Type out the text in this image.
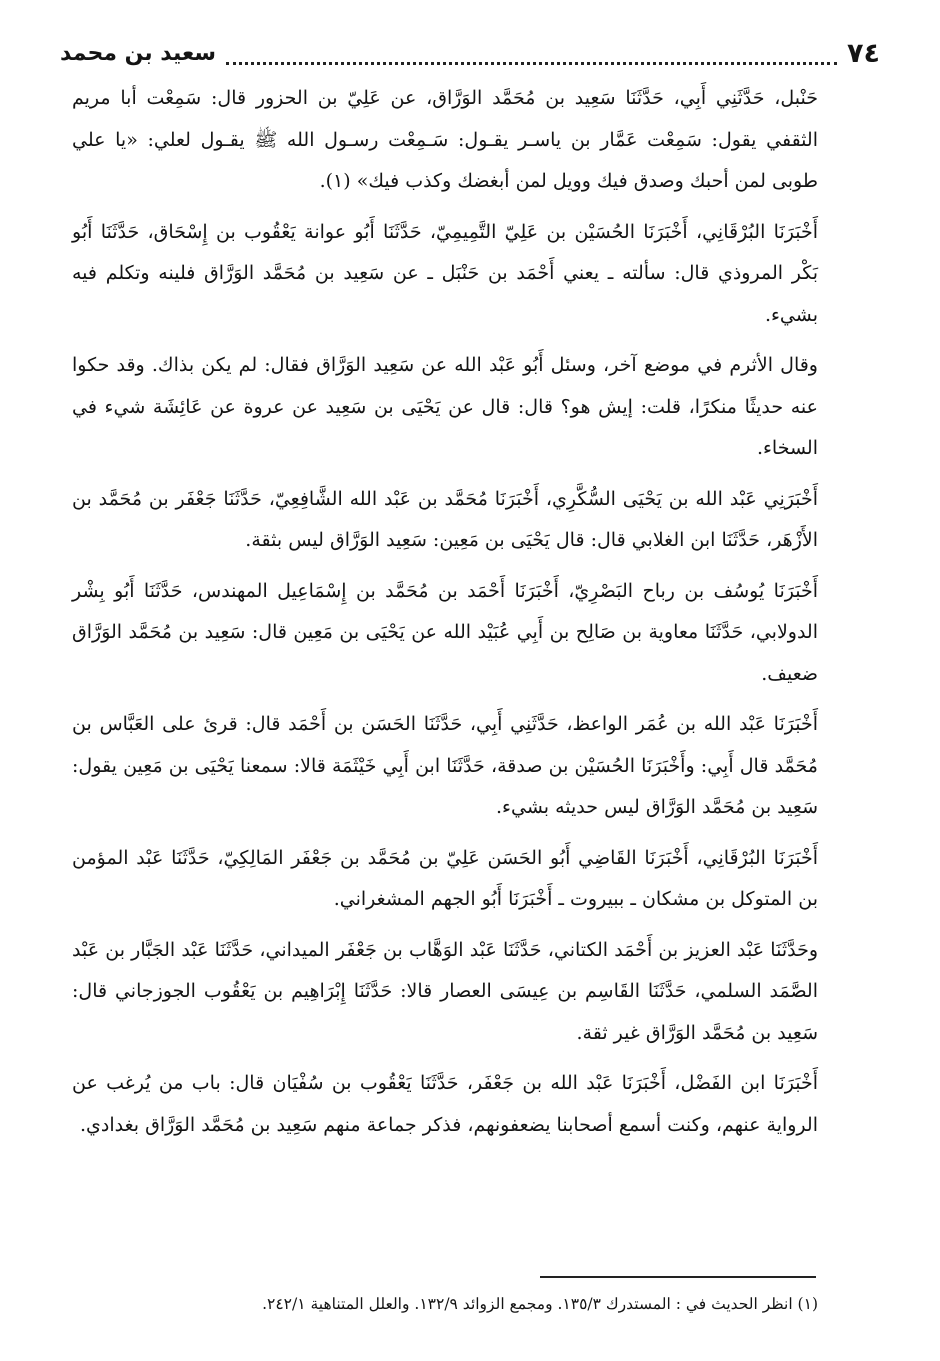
٧٤
سعيد بن محمد

حَنْبل، حَدَّثَنِي أَبِي، حَدَّثَنَا سَعِيد بن مُحَمَّد الوَرَّاق، عن عَلِيّ بن الحزور قال: سَمِعْت أبا مريم الثقفي يقول: سَمِعْت عَمَّار بن ياسـر يقـول: سَـمِعْت رسـول الله ﷺ يقـول لعلي: «يا علي طوبى لمن أحبك وصدق فيك وويل لمن أبغضك وكذب فيك» (١).

أَخْبَرَنَا البُرْقَانِي، أَخْبَرَنَا الحُسَيْن بن عَلِيّ التَّمِيمِيّ، حَدَّثَنَا أَبُو عوانة يَعْقُوب بن إِسْحَاق، حَدَّثَنَا أَبُو بَكْر المروذي قال: سألته ـ يعني أَحْمَد بن حَنْبَل ـ عن سَعِيد بن مُحَمَّد الوَرَّاق فلينه وتكلم فيه بشيء.

وقال الأثرم في موضع آخر، وسئل أَبُو عَبْد الله عن سَعِيد الوَرَّاق فقال: لم يكن بذاك. وقد حكوا عنه حديثًا منكرًا، قلت: إيش هو؟ قال: قال عن يَحْيَى بن سَعِيد عن عروة عن عَائِشَة شيء في السخاء.

أَخْبَرَنِي عَبْد الله بن يَحْيَى السُّكَّرِي، أَخْبَرَنَا مُحَمَّد بن عَبْد الله الشَّافِعِيّ، حَدَّثَنَا جَعْفَر بن مُحَمَّد بن الأَزْهَر، حَدَّثَنَا ابن الغلابي قال: قال يَحْيَى بن مَعِين: سَعِيد الوَرَّاق ليس بثقة.

أَخْبَرَنَا يُوسُف بن رباح البَصْرِيّ، أَخْبَرَنَا أَحْمَد بن مُحَمَّد بن إِسْمَاعِيل المهندس، حَدَّثَنَا أَبُو بِشْر الدولابي، حَدَّثَنَا معاوية بن صَالِح بن أَبِي عُبَيْد الله عن يَحْيَى بن مَعِين قال: سَعِيد بن مُحَمَّد الوَرَّاق ضعيف.

أَخْبَرَنَا عَبْد الله بن عُمَر الواعظ، حَدَّثَنِي أَبِي، حَدَّثَنَا الحَسَن بن أَحْمَد قال: قرئ على العَبَّاس بن مُحَمَّد قال أَبِي: وأَخْبَرَنَا الحُسَيْن بن صدقة، حَدَّثَنَا ابن أَبِي خَيْثَمَة قالا: سمعنا يَحْيَى بن مَعِين يقول: سَعِيد بن مُحَمَّد الوَرَّاق ليس حديثه بشيء.

أَخْبَرَنَا البُرْقَانِي، أَخْبَرَنَا القَاضِي أَبُو الحَسَن عَلِيّ بن مُحَمَّد بن جَعْفَر المَالِكِيّ، حَدَّثَنَا عَبْد المؤمن بن المتوكل بن مشكان ـ ببيروت ـ أَخْبَرَنَا أَبُو الجهم المشغراني.

وحَدَّثَنَا عَبْد العزيز بن أَحْمَد الكتاني، حَدَّثَنَا عَبْد الوَهَّاب بن جَعْفَر الميداني، حَدَّثَنَا عَبْد الجَبَّار بن عَبْد الصَّمَد السلمي، حَدَّثَنَا القَاسِم بن عِيسَى العصار قالا: حَدَّثَنَا إِبْرَاهِيم بن يَعْقُوب الجوزجاني قال: سَعِيد بن مُحَمَّد الوَرَّاق غير ثقة.

أَخْبَرَنَا ابن الفَضْل، أَخْبَرَنَا عَبْد الله بن جَعْفَر، حَدَّثَنَا يَعْقُوب بن سُفْيَان قال: باب من يُرغب عن الرواية عنهم، وكنت أسمع أصحابنا يضعفونهم، فذكر جماعة منهم سَعِيد بن مُحَمَّد الوَرَّاق بغدادي.

(١) انظر الحديث في : المستدرك ١٣٥/٣. ومجمع الزوائد ١٣٢/٩. والعلل المتناهية ٢٤٢/١.
